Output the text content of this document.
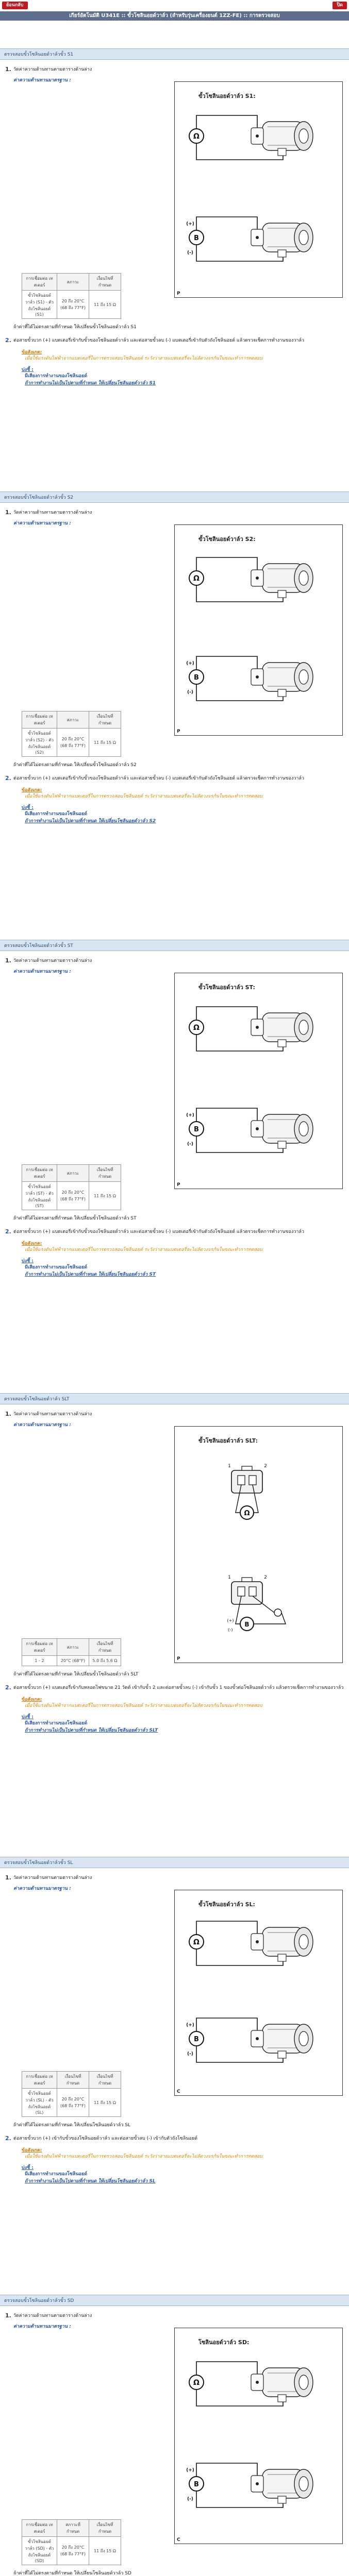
ย้อนกลับ	ปิด
เกียร์อัตโนมัติ U341E :: ขั้วโซลินอยด์วาล์ว (สำหรับรุ่นเครื่องยนต์ 1ZZ-FE) :: การตรวจสอบ
ตรวจสอบขั้วโซลินอยด์วาล์วขั้ว S1
1. วัดค่าความต้านทานตามตารางด้านล่าง
ค่าความต้านทานมาตรฐาน :
Ω
B
(+)
(-)
ขั้วโซลินอยด์วาล์ว S1:
P
การเชื่อมต่อ เทสเตอร์	สภาวะ	เงื่อนไขที่กำหนด
ขั้วโซลินอยด์วาล์ว (S1) - ตัวถังโซลินอยด์ (S1)	20 ถึง 20°C (68 ถึง 77°F)	11 ถึง 15 Ω
ถ้าค่าที่ได้ไม่ตรงตามที่กำหนด ให้เปลี่ยนขั้วโซลินอยด์วาล์ว S1
2. ต่อสายขั้วบวก (+) แบตเตอรี่เข้ากับขั้วของโซลินอยด์วาล์ว และต่อสายขั้วลบ (-) แบตเตอรี่เข้ากับตัวถังโซลินอยด์ แล้วตรวจเช็คการทำงานของวาล์ว
ข้อสังเกต:
เมื่อใช้แรงดันไฟฟ้าจากแบตเตอรี่ในการตรวจสอบโซลินอยด์ ระวังว่าสายแบตเตอรี่จะไม่ลัดวงจรกันในขณะทำการทดสอบ
บ่งชี้ :
มีเสียงการทำงานของโซลินอยด์
ถ้าการทำงานไม่เป็นไปตามที่กำหนด ให้เปลี่ยนโซลินอยด์วาล์ว S1
ตรวจสอบขั้วโซลินอยด์วาล์วขั้ว S2
1. วัดค่าความต้านทานตามตารางด้านล่าง
ค่าความต้านทานมาตรฐาน :
Ω
B
(+)
(-)
ขั้วโซลินอยด์วาล์ว S2:
P
การเชื่อมต่อ เทสเตอร์	สภาวะ	เงื่อนไขที่กำหนด
ขั้วโซลินอยด์วาล์ว (S2) - ตัวถังโซลินอยด์ (S2)	20 ถึง 20°C (68 ถึง 77°F)	11 ถึง 15 Ω
ถ้าค่าที่ได้ไม่ตรงตามที่กำหนด ให้เปลี่ยนขั้วโซลินอยด์วาล์ว S2
2. ต่อสายขั้วบวก (+) แบตเตอรี่เข้ากับขั้วของโซลินอยด์วาล์ว และต่อสายขั้วลบ (-) แบตเตอรี่เข้ากับตัวถังโซลินอยด์ แล้วตรวจเช็คการทำงานของวาล์ว
ข้อสังเกต:
เมื่อใช้แรงดันไฟฟ้าจากแบตเตอรี่ในการตรวจสอบโซลินอยด์ ระวังว่าสายแบตเตอรี่จะไม่ลัดวงจรกันในขณะทำการทดสอบ
บ่งชี้ :
มีเสียงการทำงานของโซลินอยด์
ถ้าการทำงานไม่เป็นไปตามที่กำหนด ให้เปลี่ยนโซลินอยด์วาล์ว S2
ตรวจสอบขั้วโซลินอยด์วาล์วขั้ว ST
1. วัดค่าความต้านทานตามตารางด้านล่าง
ค่าความต้านทานมาตรฐาน :
Ω
B
(+)
(-)
ขั้วโซลินอยด์วาล์ว ST:
P
การเชื่อมต่อ เทสเตอร์	สภาวะ	เงื่อนไขที่กำหนด
ขั้วโซลินอยด์วาล์ว (ST) - ตัวถังโซลินอยด์ (ST)	20 ถึง 20°C (68 ถึง 77°F)	11 ถึง 15 Ω
ถ้าค่าที่ได้ไม่ตรงตามที่กำหนด ให้เปลี่ยนขั้วโซลินอยด์วาล์ว ST
2. ต่อสายขั้วบวก (+) แบตเตอรี่เข้ากับขั้วของโซลินอยด์วาล์ว และต่อสายขั้วลบ (-) แบตเตอรี่เข้ากับตัวถังโซลินอยด์ แล้วตรวจเช็คการทำงานของวาล์ว
ข้อสังเกต:
เมื่อใช้แรงดันไฟฟ้าจากแบตเตอรี่ในการตรวจสอบโซลินอยด์ ระวังว่าสายแบตเตอรี่จะไม่ลัดวงจรกันในขณะทำการทดสอบ
บ่งชี้ :
มีเสียงการทำงานของโซลินอยด์
ถ้าการทำงานไม่เป็นไปตามที่กำหนด ให้เปลี่ยนโซลินอยด์วาล์ว ST
ตรวจสอบขั้วโซลินอยด์วาล์ว SLT
1. วัดค่าความต้านทานตามตารางด้านล่าง
ค่าความต้านทานมาตรฐาน :
1	2
Ω
1	2
B
(+)
(-)
ขั้วโซลินอยด์วาล์ว SLT:
P
การเชื่อมต่อ เทสเตอร์	สภาวะ	เงื่อนไขที่กำหนด
1 - 2	20°C (68°F)	5.0 ถึง 5.6 Ω
ถ้าค่าที่ได้ไม่ตรงตามที่กำหนด ให้เปลี่ยนขั้วโซลินอยด์วาล์ว SLT
2. ต่อสายขั้วบวก (+) แบตเตอรี่เข้ากับหลอดไฟขนาด 21 วัตต์ เข้ากับขั้ว 2 และต่อสายขั้วลบ (-) เข้ากับขั้ว 1 ของขั้วต่อโซลินอยด์วาล์ว แล้วตรวจเช็คการทำงานของวาล์ว
ข้อสังเกต:
เมื่อใช้แรงดันไฟฟ้าจากแบตเตอรี่ในการตรวจสอบโซลินอยด์ ระวังว่าสายแบตเตอรี่จะไม่ลัดวงจรกันในขณะทำการทดสอบ
บ่งชี้ :
มีเสียงการทำงานของโซลินอยด์
ถ้าการทำงานไม่เป็นไปตามที่กำหนด ให้เปลี่ยนโซลินอยด์วาล์ว SLT
ตรวจสอบขั้วโซลินอยด์วาล์วขั้ว SL
1. วัดค่าความต้านทานตามตารางด้านล่าง
ค่าความต้านทานมาตรฐาน :
Ω
B
(+)
(-)
ขั้วโซลินอยด์วาล์ว SL:
C
การเชื่อมต่อ เทสเตอร์	เงื่อนไขที่กำหนด	เงื่อนไขที่กำหนด
ขั้วโซลินอยด์วาล์ว (SL) - ตัวถังโซลินอยด์ (SL)	20 ถึง 20°C (68 ถึง 77°F)	11 ถึง 15 Ω
ถ้าค่าที่ได้ไม่ตรงตามที่กำหนด ให้เปลี่ยนโซลินอยด์วาล์ว SL
2. ต่อสายขั้วบวก (+) เข้ากับขั้วของโซลินอยด์วาล์ว และต่อสายขั้วลบ (-) เข้ากับตัวถังโซลินอยด์
ข้อสังเกต:
เมื่อใช้แรงดันไฟฟ้าจากแบตเตอรี่ในการตรวจสอบโซลินอยด์ ระวังว่าสายแบตเตอรี่จะไม่ลัดวงจรกันในขณะทำการทดสอบ
บ่งชี้ :
มีเสียงการทำงานของโซลินอยด์
ถ้าการทำงานไม่เป็นไปตามที่กำหนด ให้เปลี่ยนโซลินอยด์วาล์ว SL
ตรวจสอบขั้วโซลินอยด์วาล์วขั้ว SD
1. วัดค่าความต้านทานตามตารางด้านล่าง
ค่าความต้านทานมาตรฐาน :
Ω
B
(+)
(-)
โซลินอยด์วาล์ว SD:
C
การเชื่อมต่อ เทสเตอร์	สภาวะที่กำหนด	เงื่อนไขที่กำหนด
ขั้วโซลินอยด์วาล์ว (SD) - ตัวถังโซลินอยด์ (SD)	20 ถึง 20°C (68 ถึง 77°F)	11 ถึง 15 Ω
ถ้าค่าที่ได้ไม่ตรงตามที่กำหนด ให้เปลี่ยนโซลินอยด์วาล์ว SD
